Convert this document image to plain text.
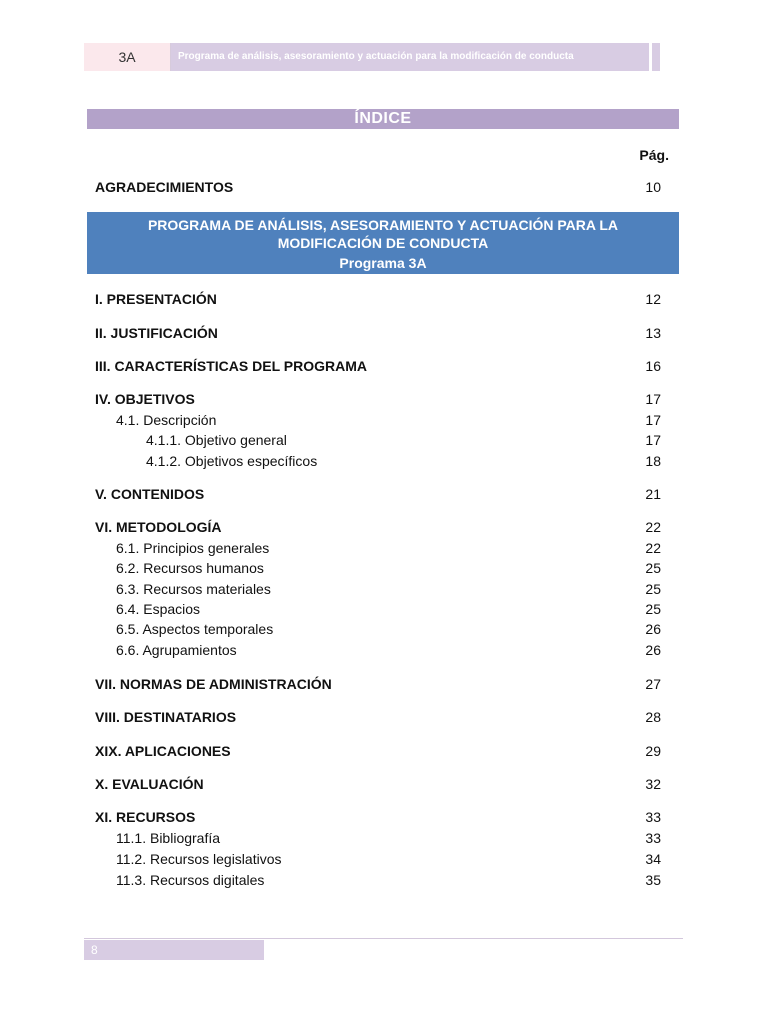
3A	Programa de análisis, asesoramiento y actuación para la modificación de conducta
ÍNDICE
Pág.
AGRADECIMIENTOS	10
PROGRAMA DE ANÁLISIS, ASESORAMIENTO Y ACTUACIÓN PARA LA
MODIFICACIÓN DE CONDUCTA
Programa 3A
I. PRESENTACIÓN	12
II. JUSTIFICACIÓN	13
III. CARACTERÍSTICAS DEL PROGRAMA	16
IV. OBJETIVOS	17
4.1. Descripción	17
4.1.1. Objetivo general	17
4.1.2. Objetivos específicos	18
V. CONTENIDOS	21
VI. METODOLOGÍA	22
6.1. Principios generales	22
6.2. Recursos humanos	25
6.3. Recursos materiales	25
6.4. Espacios	25
6.5. Aspectos temporales	26
6.6. Agrupamientos	26
VII. NORMAS DE ADMINISTRACIÓN	27
VIII. DESTINATARIOS	28
XIX. APLICACIONES	29
X. EVALUACIÓN	32
XI. RECURSOS	33
11.1. Bibliografía	33
11.2. Recursos legislativos	34
11.3. Recursos digitales	35
8
